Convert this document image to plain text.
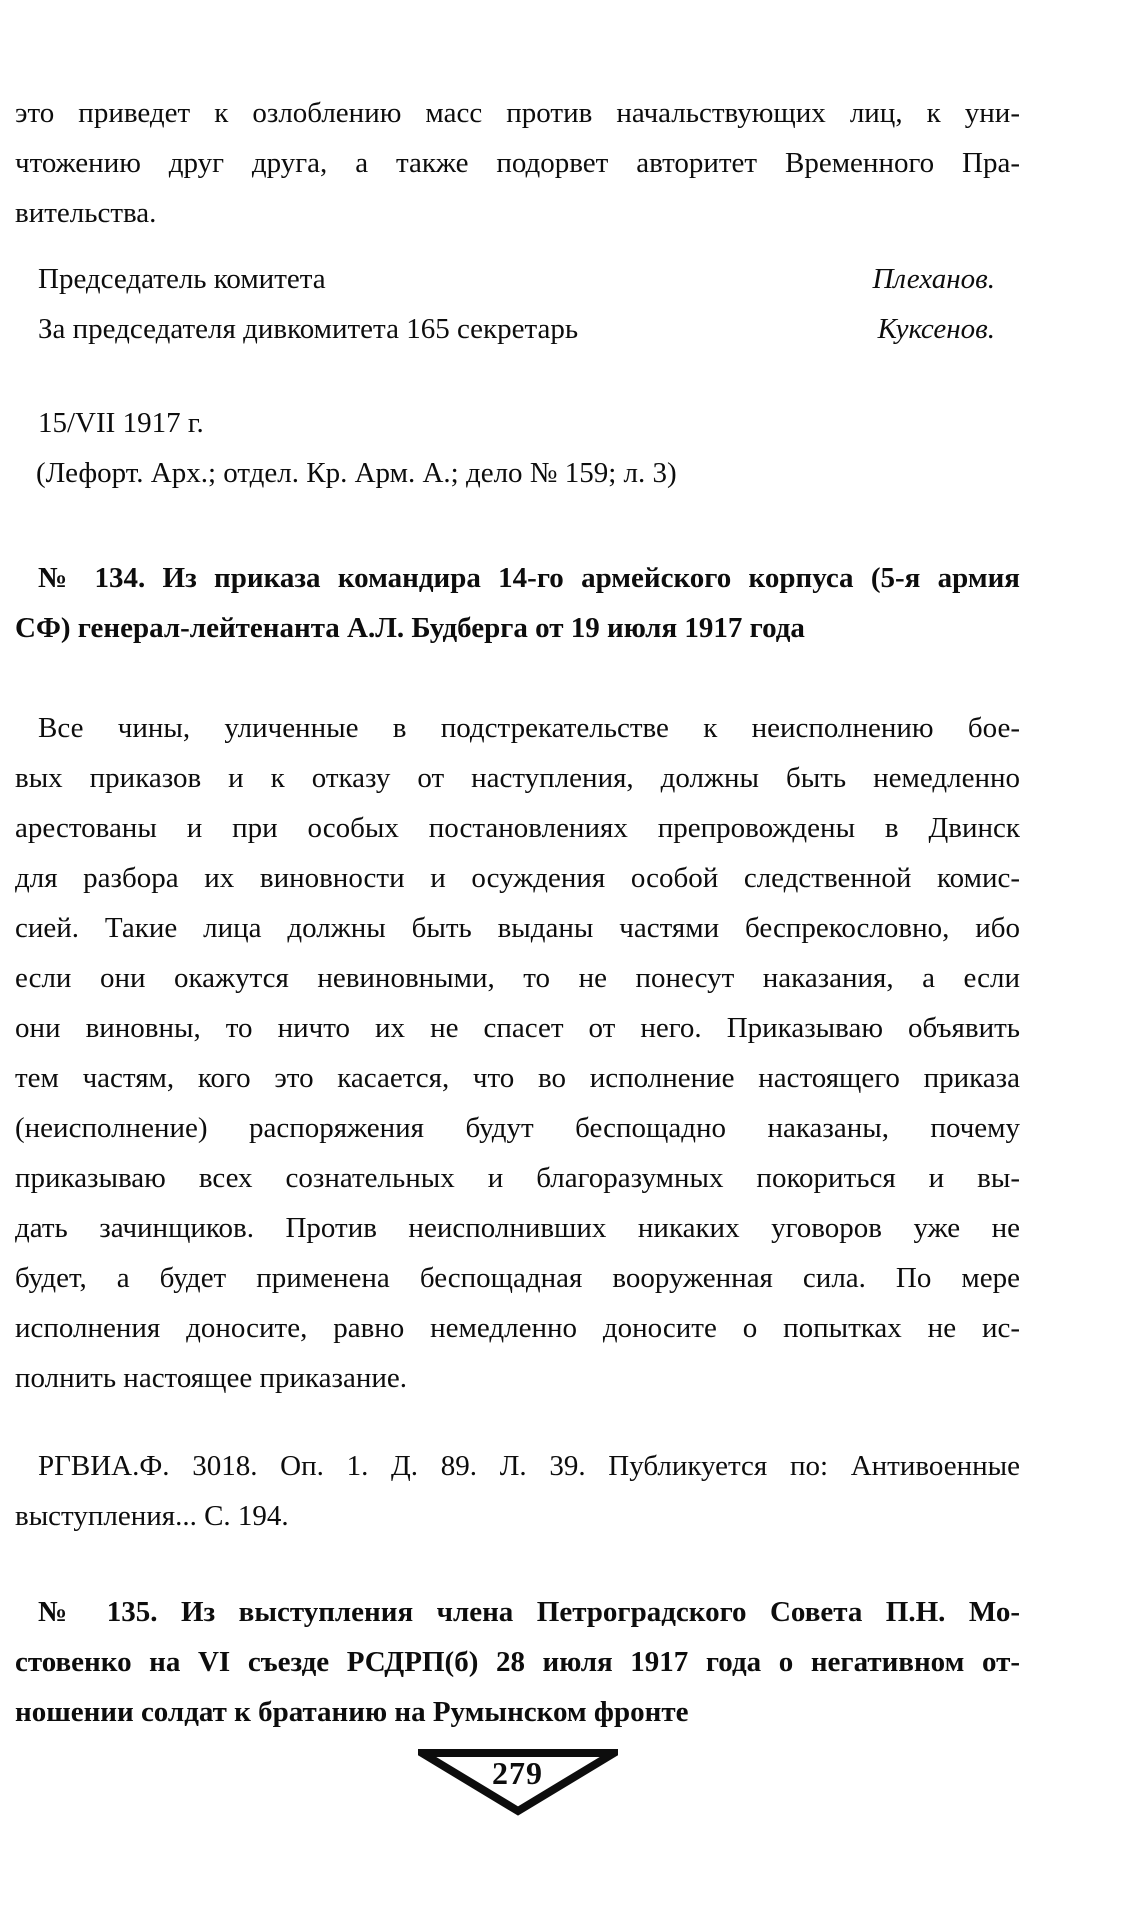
это приведет к озлоблению масс против начальствующих лиц, к уни-
чтожению друг друга, а также подорвет авторитет Временного Пра-
вительства.
Председатель комитета	Плеханов.
За председателя дивкомитета 165 секретарь	Куксенов.
15/VII 1917 г.
(Лефорт. Арх.; отдел. Кр. Арм. А.; дело № 159; л. 3)
№ 134. Из приказа командира 14-го армейского корпуса (5-я армия
СФ) генерал-лейтенанта А.Л. Будберга от 19 июля 1917 года
Все чины, уличенные в подстрекательстве к неисполнению бое-
вых приказов и к отказу от наступления, должны быть немедленно
арестованы и при особых постановлениях препровождены в Двинск
для разбора их виновности и осуждения особой следственной комис-
сией. Такие лица должны быть выданы частями беспрекословно, ибо
если они окажутся невиновными, то не понесут наказания, а если
они виновны, то ничто их не спасет от него. Приказываю объявить
тем частям, кого это касается, что во исполнение настоящего приказа
(неисполнение) распоряжения будут беспощадно наказаны, почему
приказываю всех сознательных и благоразумных покориться и вы-
дать зачинщиков. Против неисполнивших никаких уговоров уже не
будет, а будет применена беспощадная вооруженная сила. По мере
исполнения доносите, равно немедленно доносите о попытках не ис-
полнить настоящее приказание.
РГВИА.Ф. 3018. Оп. 1. Д. 89. Л. 39. Публикуется по: Антивоенные
выступления... С. 194.
№ 135. Из выступления члена Петроградского Совета П.Н. Мо-
стовенко на VI съезде РСДРП(б) 28 июля 1917 года о негативном от-
ношении солдат к братанию на Румынском фронте
279
